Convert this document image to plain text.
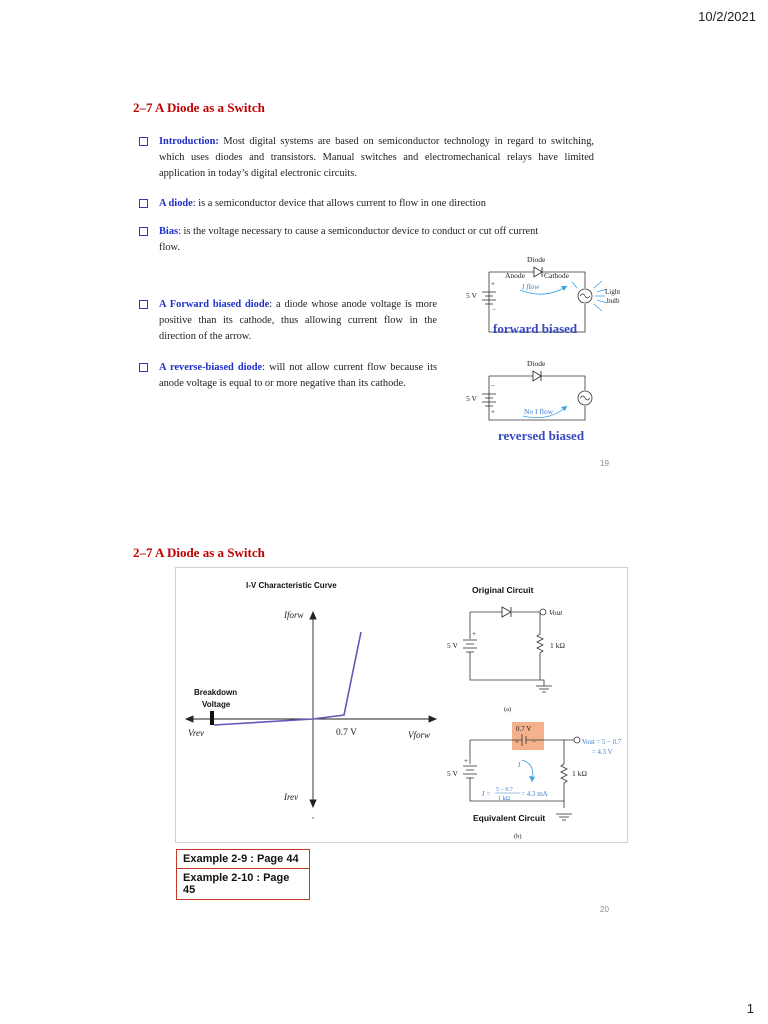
10/2/2021
1
2–7 A Diode as a Switch
Introduction: Most digital systems are based on semiconductor technology in regard to switching, which uses diodes and transistors. Manual switches and electromechanical relays have limited application in today’s digital electronic circuits.
A diode: is a semiconductor device that allows current to flow in one direction
Bias: is the voltage necessary to cause a semiconductor device to conduct or cut off current flow.
A Forward biased diode: a diode whose anode voltage is more positive than its cathode, thus allowing current flow in the direction of the arrow.
A reverse-biased diode: will not allow current flow because its anode voltage is equal to or more negative than its cathode.
Diode
Anode	Cathode
I flow
5 V
+
−
Light
bulb
forward biased
Diode
5 V
−
+	No I flow
reversed biased
19
2–7 A Diode as a Switch
I-V Characteristic Curve
Iforw
Irev
Vforw
Vrev	0.7 V
Breakdown
Voltage
,
Original Circuit
Vout
5 V
+
1 kΩ
(a)
0.7 V
+ −	Vout = 5 − 0.7
= 4.3 V
I
5 V
+
1 kΩ
I = 5 − 0.7
1 kΩ
= 4.3 mA
Equivalent Circuit
(b)
Example 2-9 : Page 44
Example 2-10 : Page 45
20
